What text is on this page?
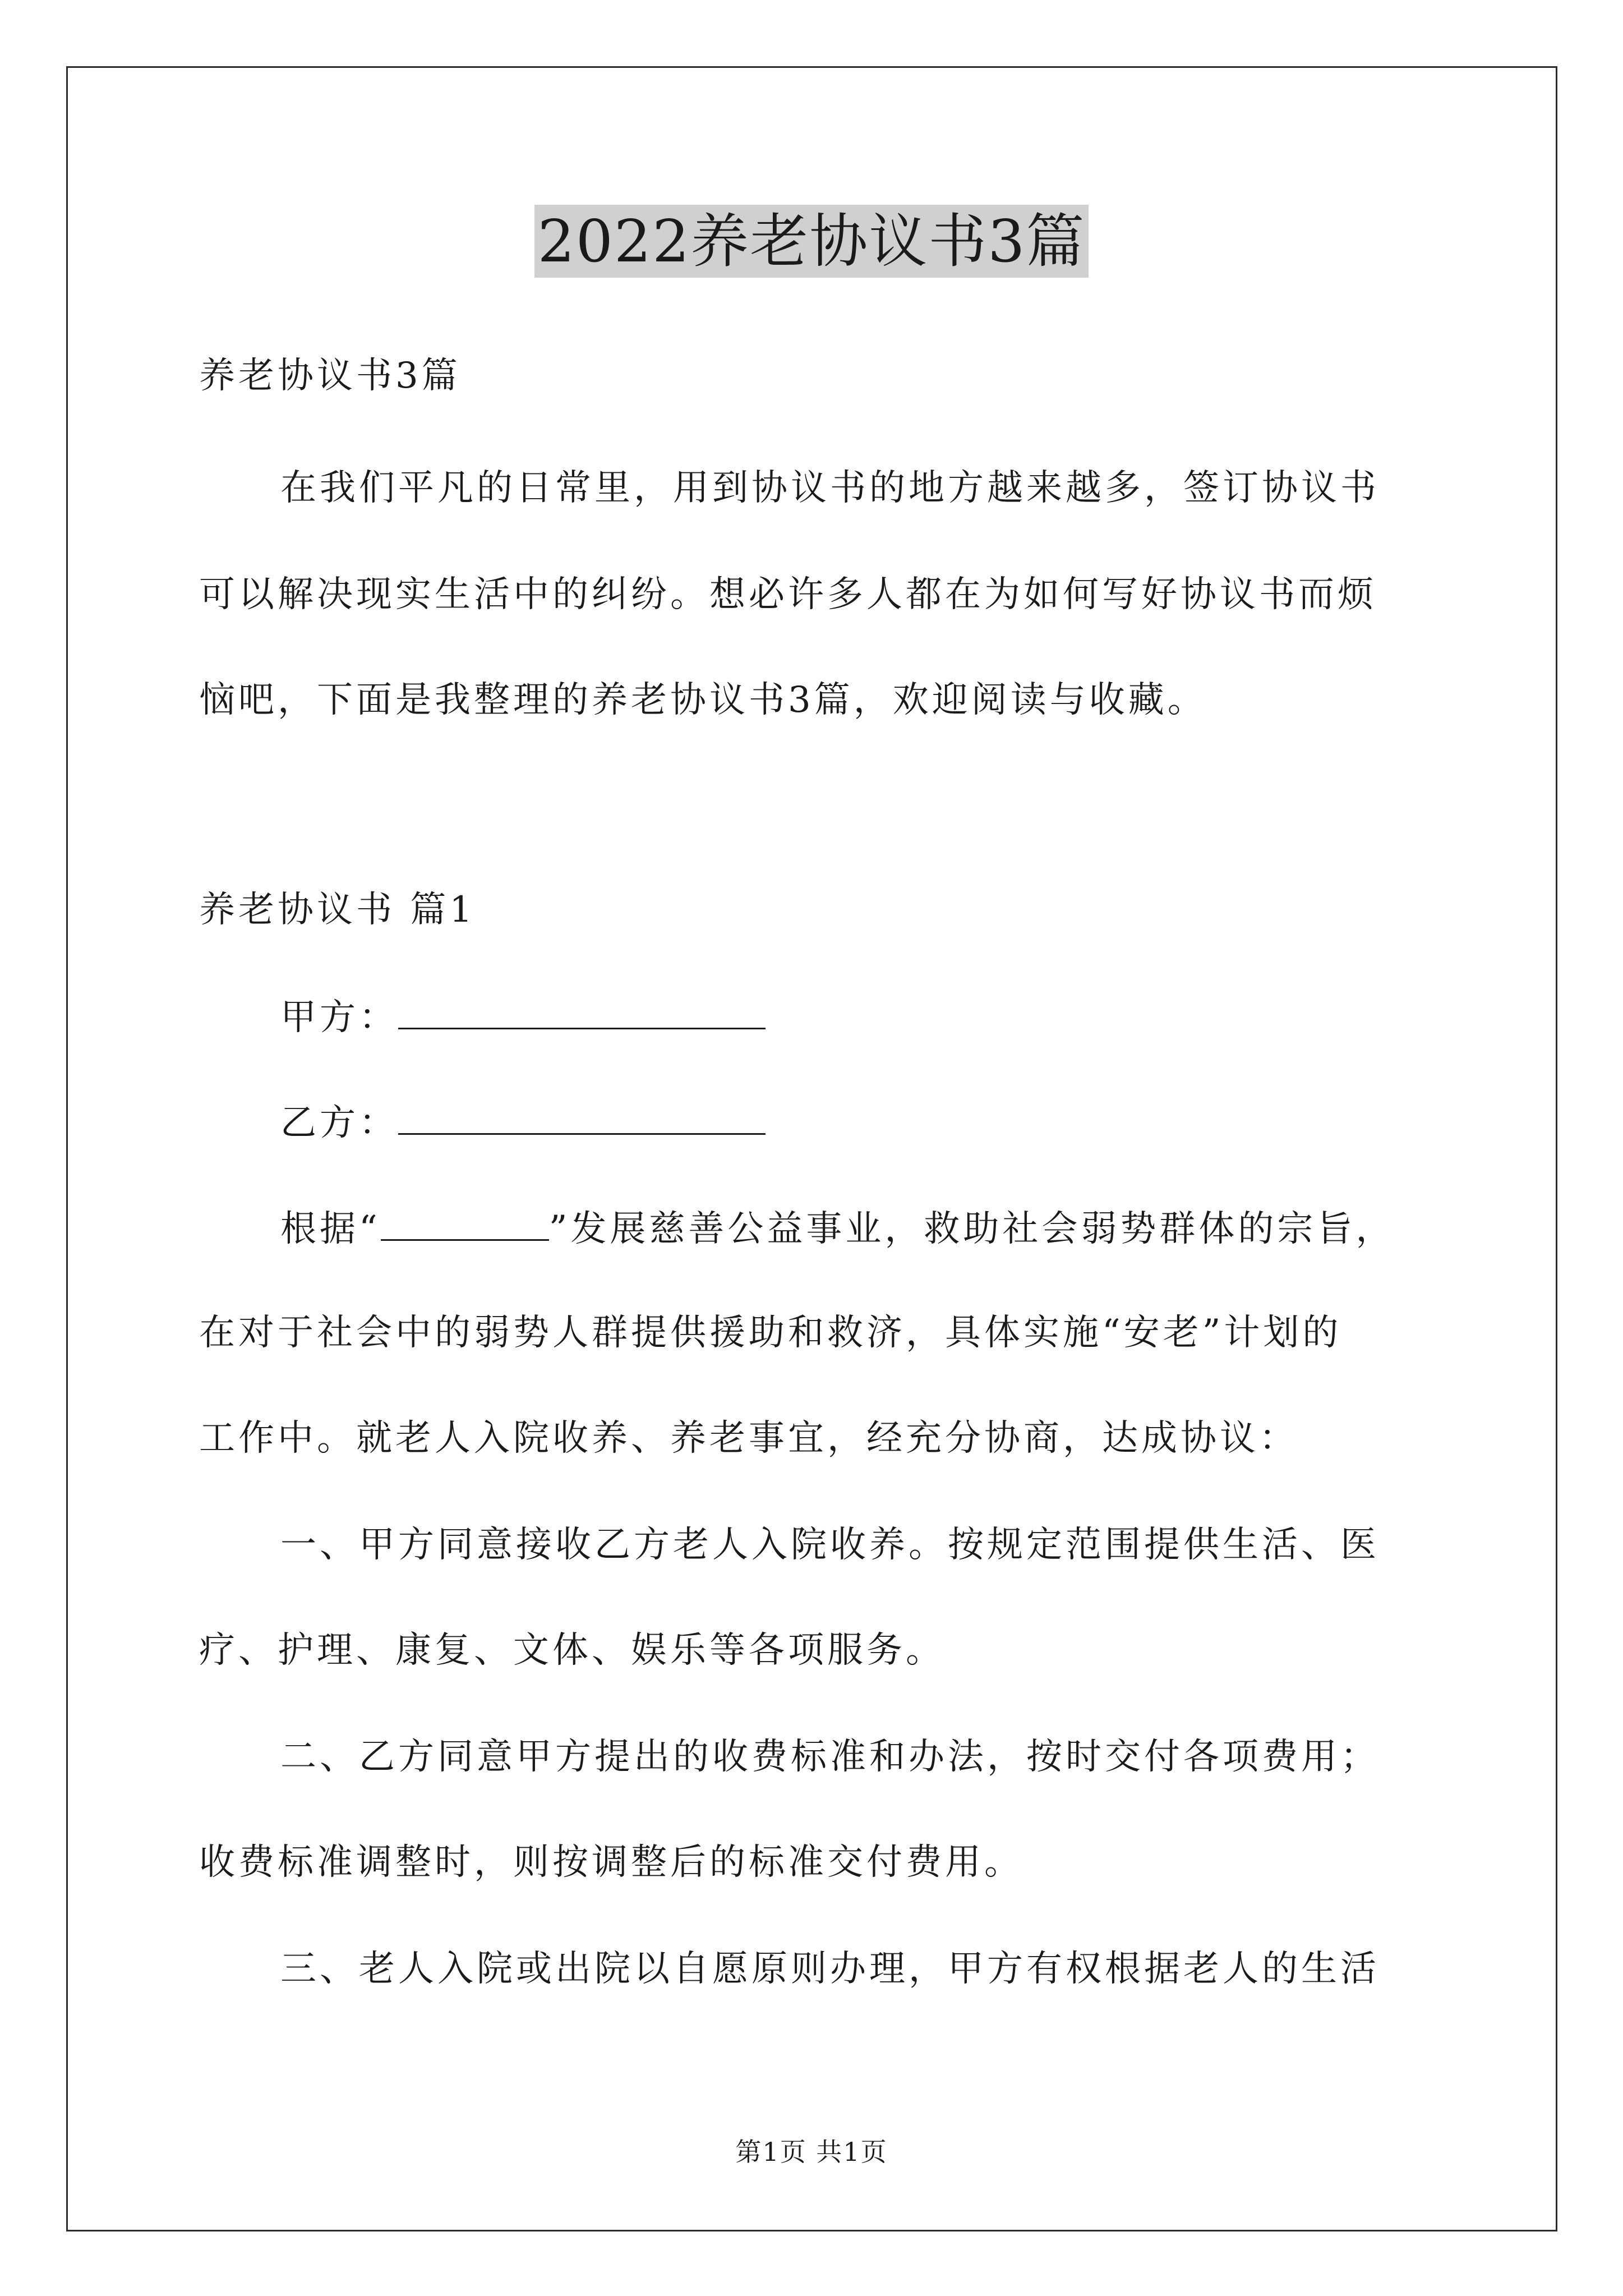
2022养老协议书3篇
养老协议书3篇
在我们平凡的日常里，用到协议书的地方越来越多，签订协议书
可以解决现实生活中的纠纷。想必许多人都在为如何写好协议书而烦
恼吧，下面是我整理的养老协议书3篇，欢迎阅读与收藏。
养老协议书 篇1
甲方：
乙方：
根据“	”发展慈善公益事业，救助社会弱势群体的宗旨，
在对于社会中的弱势人群提供援助和救济，具体实施“安老”计划的
工作中。就老人入院收养、养老事宜，经充分协商，达成协议：
一、甲方同意接收乙方老人入院收养。按规定范围提供生活、医
疗、护理、康复、文体、娱乐等各项服务。
二、乙方同意甲方提出的收费标准和办法，按时交付各项费用；
收费标准调整时，则按调整后的标准交付费用。
三、老人入院或出院以自愿原则办理，甲方有权根据老人的生活
第1页 共1页
